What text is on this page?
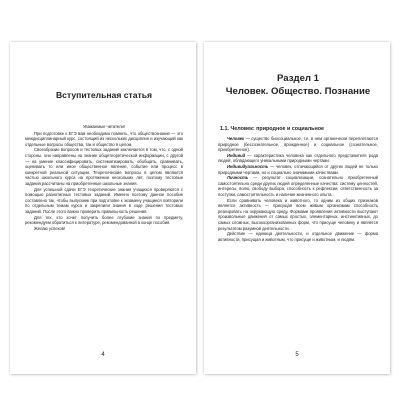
Вступительная статья

Уважаемые читатели!

При подготовке к ЕГЭ вам необходимо помнить, что обществознание — это междисциплинарный курс, состоящий из нескольких дисциплин и изучающий как отдельные вопросы общества, так и общество в целом.

Своеобразие вопросов и тестовых заданий заключается в том, что, с одной стороны, они направлены на знание общетеоретической информации, с другой — на умение классифицировать, систематизировать, обобщать, сравнивать, оценивать то или иное общественное явление, событие или процесс в конкретной реальной ситуации. Теоретические вопросы в целом являются частью школьного курса на протяжении нескольких лет, поэтому тестовые задания рассчитаны на приобретенные школьные знания.

Для успешной сдачи ЕГЭ теоретические знания учащихся проверяются с помощью разнотипных тестовых заданий. Именно поэтому данное пособие составлено так, чтобы выпускник при подготовке к экзамену учащиеся повторили по отдельным темам курса и закрепили знания в ходе решения тестовых заданий. После этого важно проверить правильность решения.

Для тех, кто хочет получить более глубокие знания по предмету, рекомендуем обратиться к литературе, рекомендованной в конце пособия.

Желаю успехов!

4
Раздел 1
Человек. Общество. Познание
1.1. Человек: природное и социальное

Человек — существо биосоциальное, т.е. в нем органически переплетаются природное (бессознательное, врожденное) и социальное (сознательное, приобретенное).

Индивид — характеристика человека как отдельного представителя рода людей, обладающего уникальными природными чертами.

Индивидуальность — человек, отличающийся от других людей не только природными чертами, но и социально значимыми качествами.

Личность — результат социализации, сознательно приобретенный самостоятельно среди других людей определенные качества: систему ценностей, интересы, волю, свободу выбора, способность к рефлексии, ответственность за поступки, самостоятельность и наличие жизненного опыта.

Если сравнивать человека и животного, то одним из общих признаков является активность — присущая всем живым организмам способность реагировать на окружающую среду. Формами проявления активности выступают произвольные движения от самых простых, элементарных, инстинктивных, до самых сложных, высокоорганизованных форм, что присуще человеку и является результатом разумной деятельности.

Действие — единица деятельности, и отдельное движение — форма активности, присущая и животным, что присуще и животным, и людям.

5
